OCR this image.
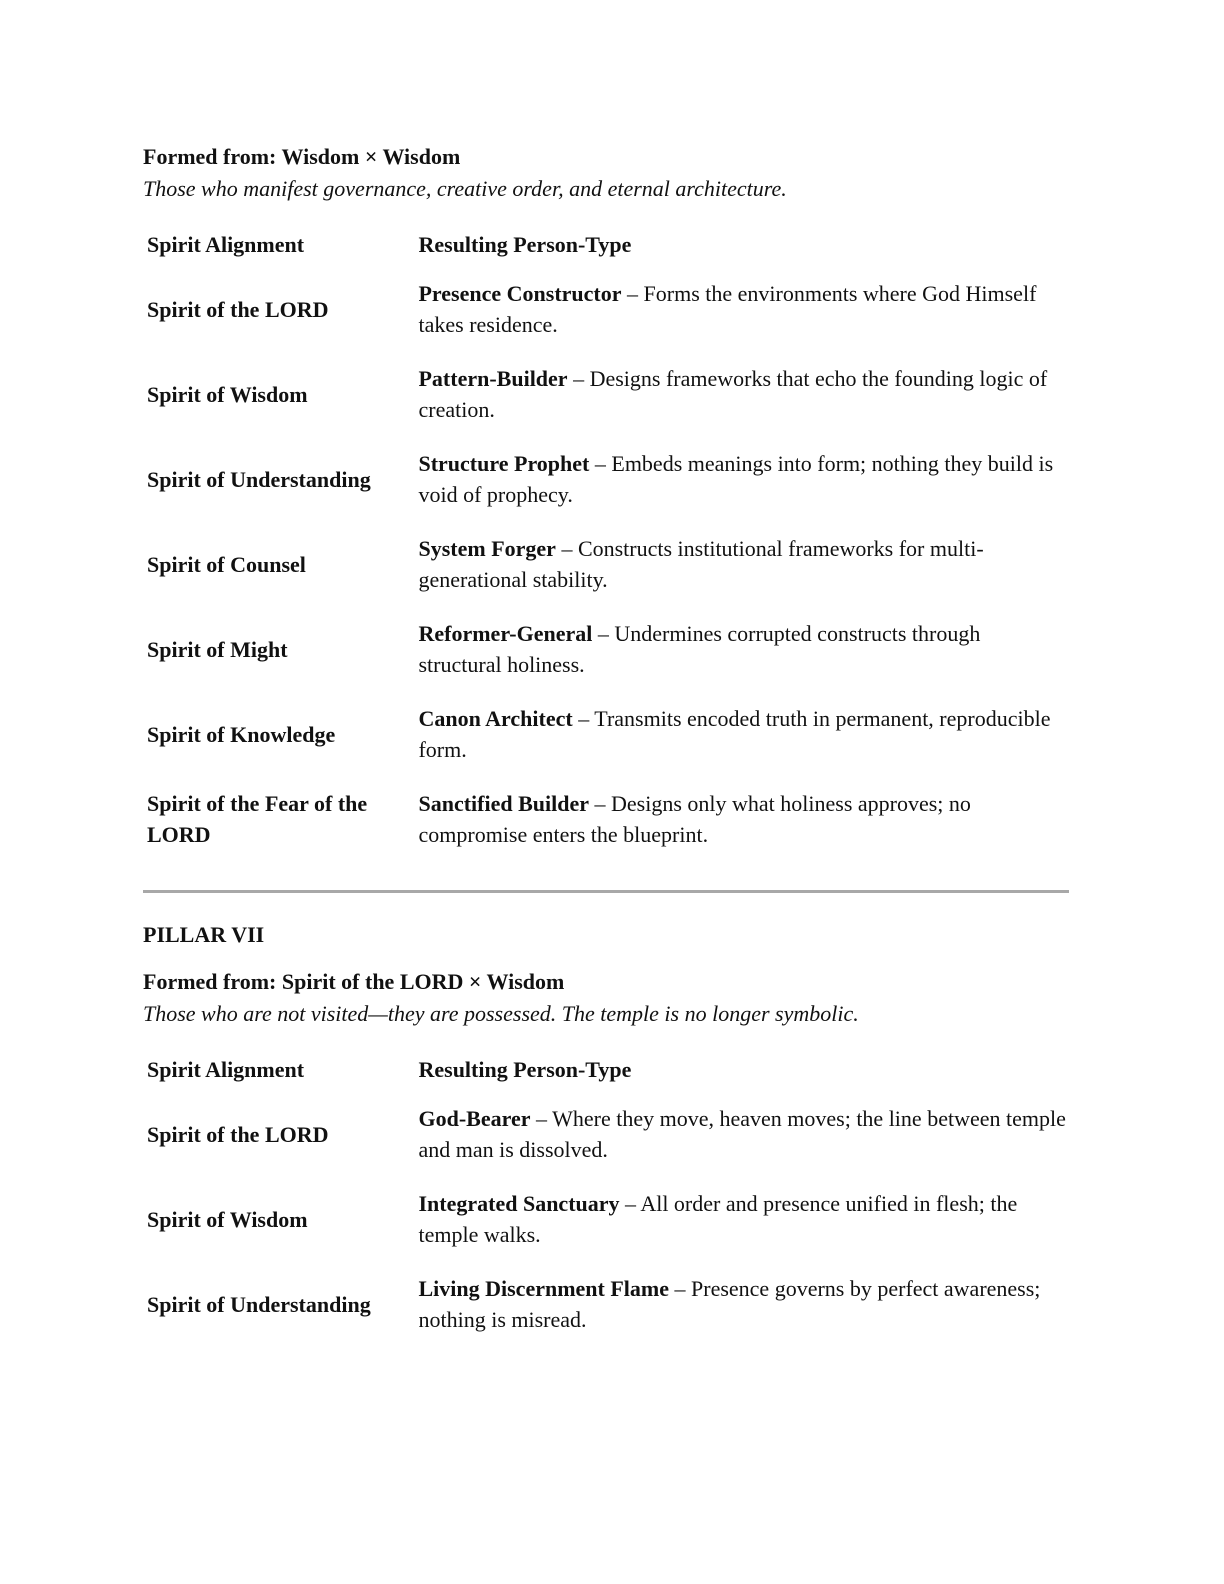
Formed from: Wisdom × Wisdom

Those who manifest governance, creative order, and eternal architecture.

Spirit Alignment	Resulting Person-Type
Spirit of the LORD	Presence Constructor – Forms the environments where God Himself takes residence.
Spirit of Wisdom	Pattern-Builder – Designs frameworks that echo the founding logic of creation.
Spirit of Understanding	Structure Prophet – Embeds meanings into form; nothing they build is void of prophecy.
Spirit of Counsel	System Forger – Constructs institutional frameworks for multi-generational stability.
Spirit of Might	Reformer-General – Undermines corrupted constructs through structural holiness.
Spirit of Knowledge	Canon Architect – Transmits encoded truth in permanent, reproducible form.
Spirit of the Fear of the LORD	Sanctified Builder – Designs only what holiness approves; no compromise enters the blueprint.

PILLAR VII

Formed from: Spirit of the LORD × Wisdom

Those who are not visited—they are possessed. The temple is no longer symbolic.

Spirit Alignment	Resulting Person-Type
Spirit of the LORD	God-Bearer – Where they move, heaven moves; the line between temple and man is dissolved.
Spirit of Wisdom	Integrated Sanctuary – All order and presence unified in flesh; the temple walks.
Spirit of Understanding	Living Discernment Flame – Presence governs by perfect awareness; nothing is misread.
